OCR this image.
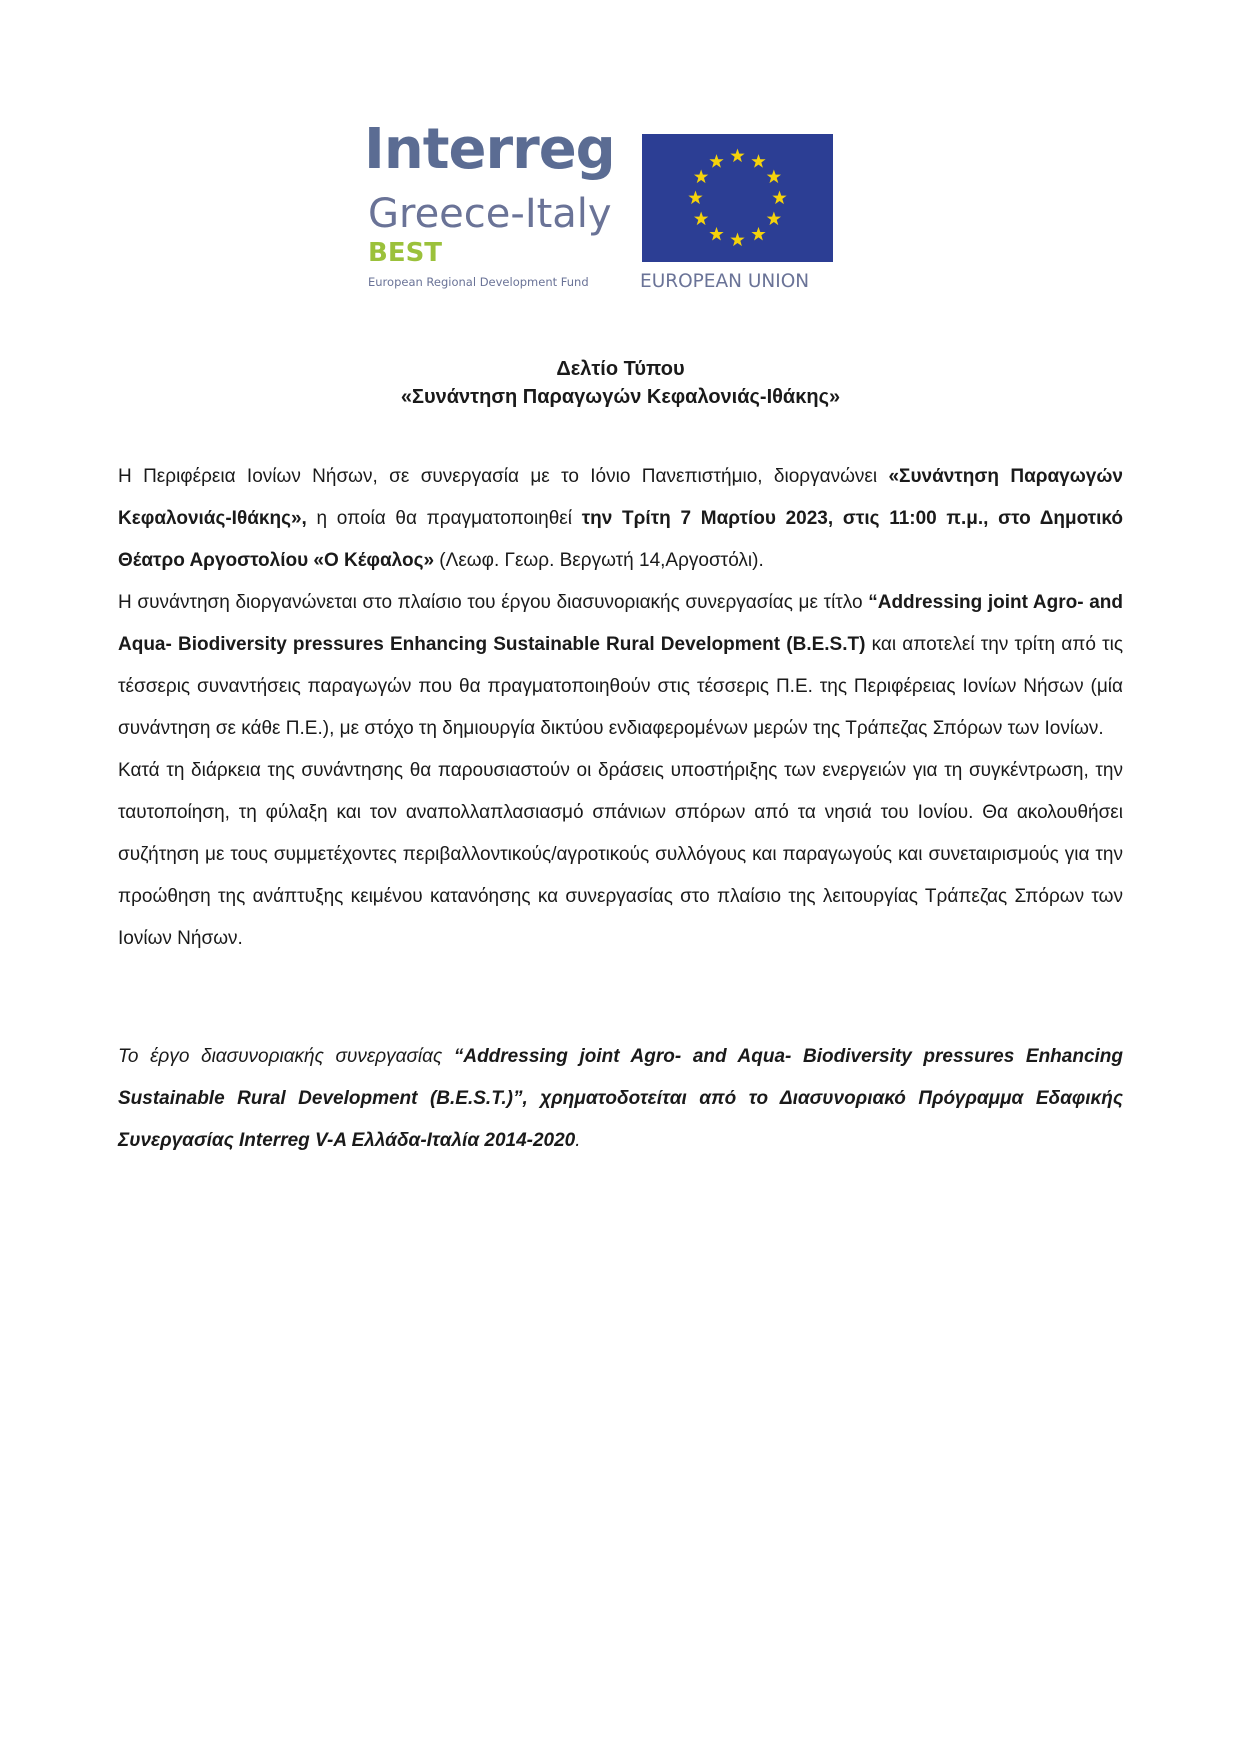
Interreg
Greece-Italy
BEST
European Regional Development Fund	EUROPEAN UNION
Δελτίο Τύπου
«Συνάντηση Παραγωγών Κεφαλονιάς-Ιθάκης»

Η Περιφέρεια Ιονίων Νήσων, σε συνεργασία με το Ιόνιο Πανεπιστήμιο, διοργανώνει «Συνάντηση Παραγωγών Κεφαλονιάς-Ιθάκης», η οποία θα πραγματοποιηθεί την Τρίτη 7 Μαρτίου 2023, στις 11:00 π.μ., στο Δημοτικό Θέατρο Αργοστολίου «Ο Κέφαλος» (Λεωφ. Γεωρ. Βεργωτή 14,Αργοστόλι).

Η συνάντηση διοργανώνεται στο πλαίσιο του έργου διασυνοριακής συνεργασίας με τίτλο “Addressing joint Agro- and Aqua- Biodiversity pressures Enhancing Sustainable Rural Development (B.E.S.T) και αποτελεί την τρίτη από τις τέσσερις συναντήσεις παραγωγών που θα πραγματοποιηθούν στις τέσσερις Π.Ε. της Περιφέρειας Ιονίων Νήσων (μία συνάντηση σε κάθε Π.Ε.), με στόχο τη δημιουργία δικτύου ενδιαφερομένων μερών της Τράπεζας Σπόρων των Ιονίων.

Κατά τη διάρκεια της συνάντησης θα παρουσιαστούν οι δράσεις υποστήριξης των ενεργειών για τη συγκέντρωση, την ταυτοποίηση, τη φύλαξη και τον αναπολλαπλασιασμό σπάνιων σπόρων από τα νησιά του Ιονίου. Θα ακολουθήσει συζήτηση με τους συμμετέχοντες περιβαλλοντικούς/αγροτικούς συλλόγους και παραγωγούς και συνεταιρισμούς για την προώθηση της ανάπτυξης κειμένου κατανόησης κα συνεργασίας στο πλαίσιο της λειτουργίας Τράπεζας Σπόρων των Ιονίων Νήσων.

Το έργο διασυνοριακής συνεργασίας “Addressing joint Agro- and Aqua- Biodiversity pressures Enhancing Sustainable Rural Development (B.E.S.T.)”, χρηματοδοτείται από το Διασυνοριακό Πρόγραμμα Εδαφικής Συνεργασίας Interreg V-A Ελλάδα-Ιταλία 2014-2020.
